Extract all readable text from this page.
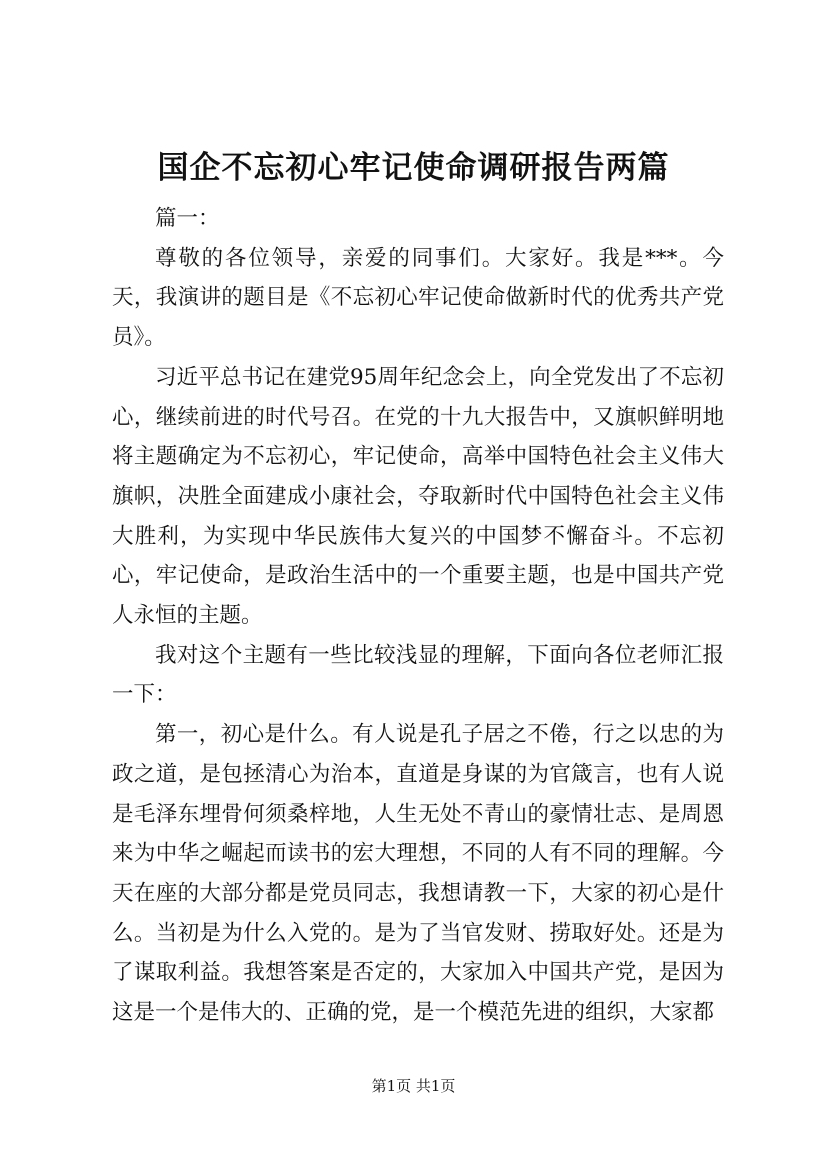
国企不忘初心牢记使命调研报告两篇

篇一：

尊敬的各位领导，亲爱的同事们。大家好。我是***。今天，我演讲的题目是《不忘初心牢记使命做新时代的优秀共产党员》。

习近平总书记在建党95周年纪念会上，向全党发出了不忘初心，继续前进的时代号召。在党的十九大报告中，又旗帜鲜明地将主题确定为不忘初心，牢记使命，高举中国特色社会主义伟大旗帜，决胜全面建成小康社会，夺取新时代中国特色社会主义伟大胜利，为实现中华民族伟大复兴的中国梦不懈奋斗。不忘初心，牢记使命，是政治生活中的一个重要主题，也是中国共产党人永恒的主题。

我对这个主题有一些比较浅显的理解，下面向各位老师汇报一下：

第一，初心是什么。有人说是孔子居之不倦，行之以忠的为政之道，是包拯清心为治本，直道是身谋的为官箴言，也有人说是毛泽东埋骨何须桑梓地，人生无处不青山的豪情壮志、是周恩来为中华之崛起而读书的宏大理想，不同的人有不同的理解。今天在座的大部分都是党员同志，我想请教一下，大家的初心是什么。当初是为什么入党的。是为了当官发财、捞取好处。还是为了谋取利益。我想答案是否定的，大家加入中国共产党，是因为这是一个是伟大的、正确的党，是一个模范先进的组织，大家都

第1页 共1页
